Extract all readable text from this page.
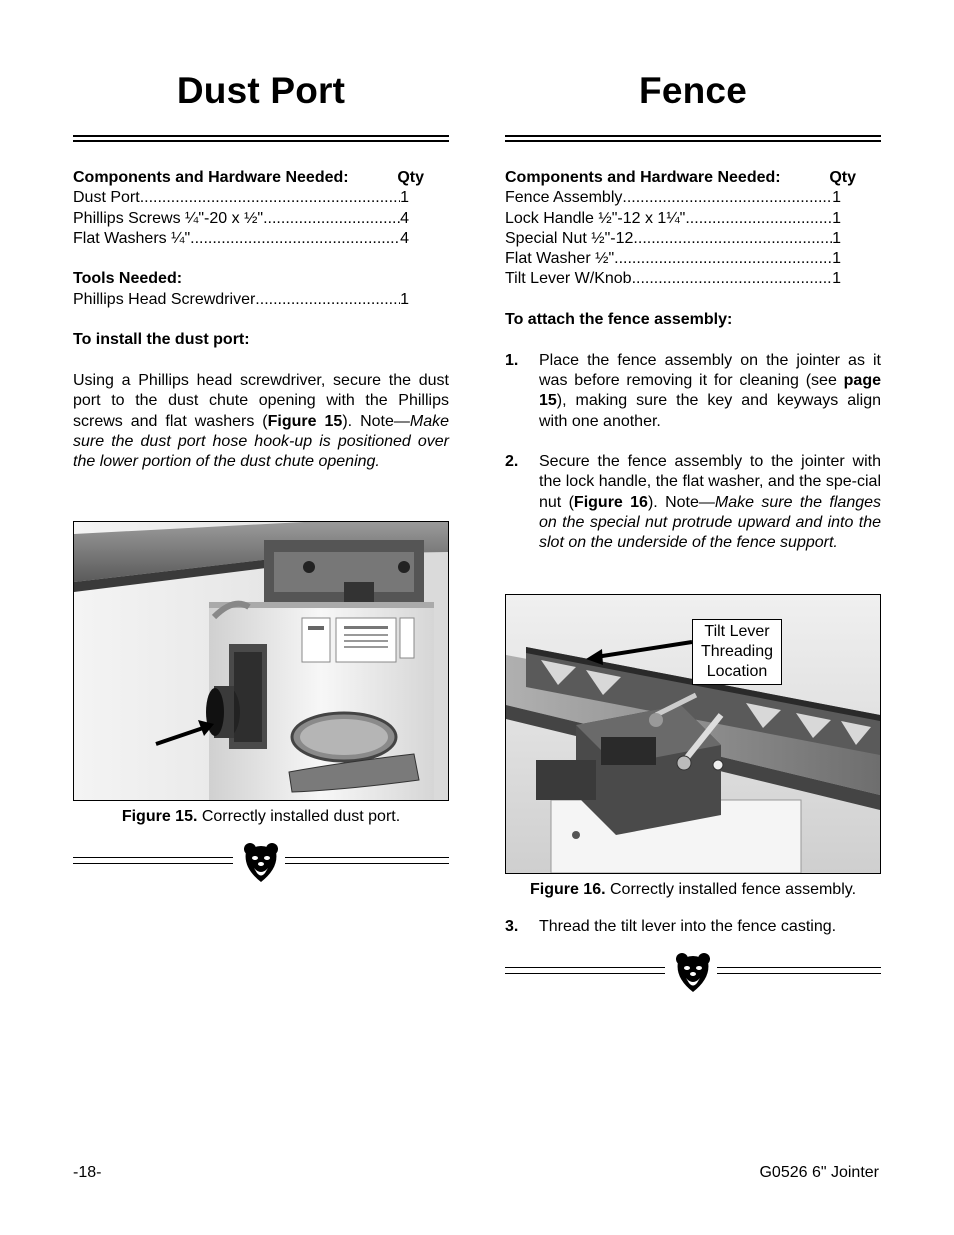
Dust Port
Components and Hardware Needed:	Qty
Dust Port .....	1
Phillips Screws ¼"-20 x ½" .....	4
Flat Washers ¼" .....	4
Tools Needed:
Phillips Head Screwdriver .....	1
To install the dust port:
Using a Phillips head screwdriver, secure the dust port to the dust chute opening with the Phillips screws and flat washers (Figure 15). Note—Make sure the dust port hose hook-up is positioned over the lower portion of the dust chute opening.
Figure 15. Correctly installed dust port.
Fence
Components and Hardware Needed:	Qty
Fence Assembly .....	1
Lock Handle ½"-12 x 1¼" .....	1
Special Nut ½"-12 .....	1
Flat Washer ½" .....	1
Tilt Lever W/Knob .....	1
To attach the fence assembly:
1.	Place the fence assembly on the jointer as it was before removing it for cleaning (see page 15), making sure the key and keyways align with one another.
2.	Secure the fence assembly to the jointer with the lock handle, the flat washer, and the spe-cial nut (Figure 16). Note—Make sure the flanges on the special nut protrude upward and into the slot on the underside of the fence support.
Tilt Lever
Threading
Location
Figure 16. Correctly installed fence assembly.
3.	Thread the tilt lever into the fence casting.
-18-	G0526 6" Jointer
